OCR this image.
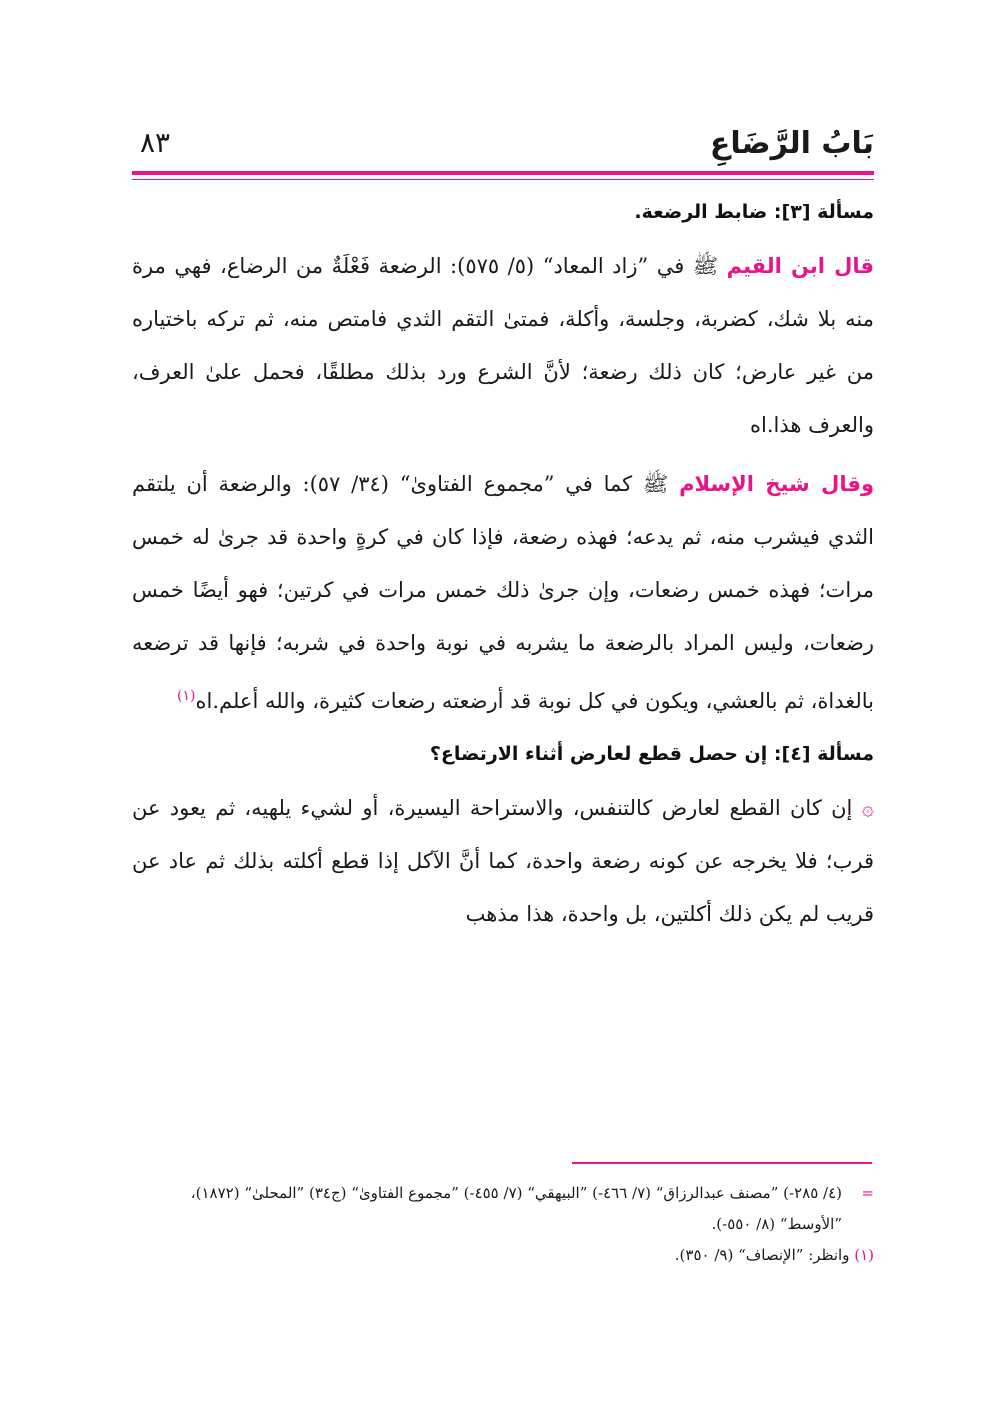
بَابُ الرَّضَاعِ
٨٣

مسألة [٣]: ضابط الرضعة.

قال ابن القيم ﷺ في ”زاد المعاد“ (٥/ ٥٧٥): الرضعة فَعْلَةٌ من الرضاع، فهي مرة منه بلا شك، كضربة، وجلسة، وأكلة، فمتىٰ التقم الثدي فامتص منه، ثم تركه باختياره من غير عارض؛ كان ذلك رضعة؛ لأنَّ الشرع ورد بذلك مطلقًا، فحمل علىٰ العرف، والعرف هذا.اه

وقال شيخ الإسلام ﷺ كما في ”مجموع الفتاوىٰ“ (٣٤/ ٥٧): والرضعة أن يلتقم الثدي فيشرب منه، ثم يدعه؛ فهذه رضعة، فإذا كان في كرةٍ واحدة قد جرىٰ له خمس مرات؛ فهذه خمس رضعات، وإن جرىٰ ذلك خمس مرات في كرتين؛ فهو أيضًا خمس رضعات، وليس المراد بالرضعة ما يشربه في نوبة واحدة في شربه؛ فإنها قد ترضعه بالغداة، ثم بالعشي، ويكون في كل نوبة قد أرضعته رضعات كثيرة، والله أعلم.اه$^{(١)}$

مسألة [٤]: إن حصل قطع لعارض أثناء الارتضاع؟

۞ إن كان القطع لعارض كالتنفس، والاستراحة اليسيرة، أو لشيء يلهيه، ثم يعود عن قرب؛ فلا يخرجه عن كونه رضعة واحدة، كما أنَّ الآكل إذا قطع أكلته بذلك ثم عاد عن قريب لم يكن ذلك أكلتين، بل واحدة، هذا مذهب

=
(٤/ ٢٨٥-) ”مصنف عبدالرزاق“ (٧/ ٤٦٦-) ”البيهقي“ (٧/ ٤٥٥-) ”مجموع الفتاوىٰ“ (ج٣٤) ”المحلىٰ“ (١٨٧٢)، ”الأوسط“ (٨/ ٥٥٠-).
(١) وانظر: ”الإنصاف“ (٩/ ٣٥٠).
